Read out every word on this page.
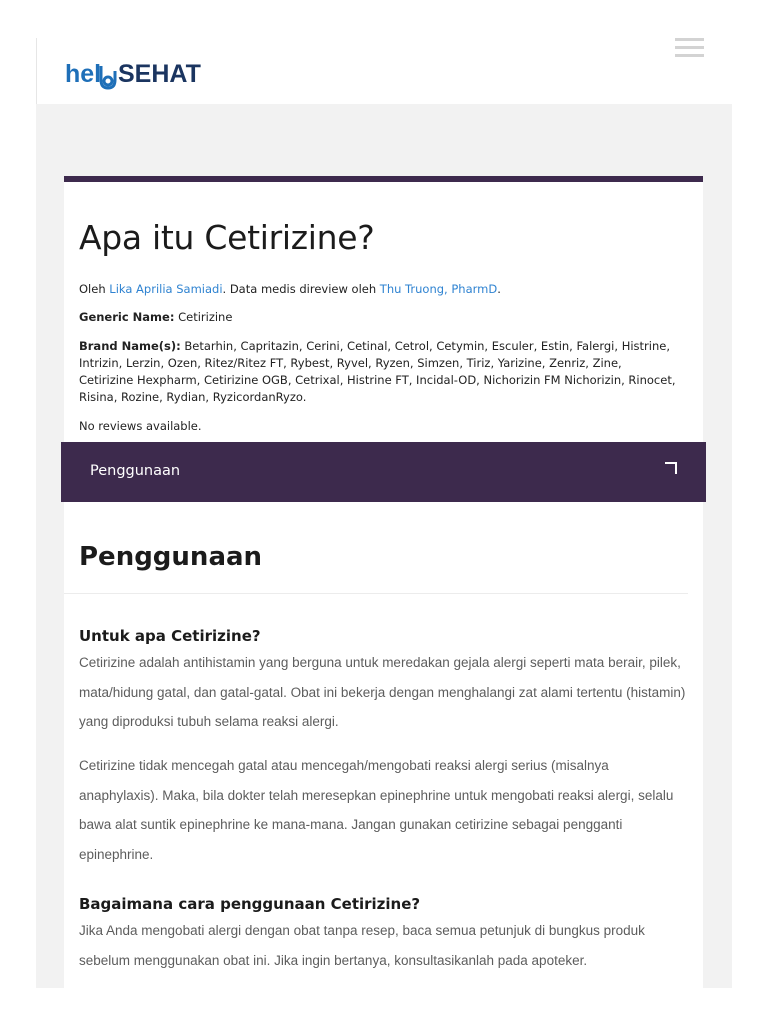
hel SEHAT
Apa itu Cetirizine?
Oleh Lika Aprilia Samiadi. Data medis direview oleh Thu Truong, PharmD.
Generic Name: Cetirizine
Brand Name(s): Betarhin, Capritazin, Cerini, Cetinal, Cetrol, Cetymin, Esculer, Estin, Falergi, Histrine, Intrizin, Lerzin, Ozen, Ritez/Ritez FT, Rybest, Ryvel, Ryzen, Simzen, Tiriz, Yarizine, Zenriz, Zine, Cetirizine Hexpharm, Cetirizine OGB, Cetrixal, Histrine FT, Incidal-OD, Nichorizin FM Nichorizin, Rinocet, Risina, Rozine, Rydian, RyzicordanRyzo.
No reviews available.
Penggunaan
Penggunaan
Untuk apa Cetirizine?

Cetirizine adalah antihistamin yang berguna untuk meredakan gejala alergi seperti mata berair, pilek, mata/hidung gatal, dan gatal-gatal. Obat ini bekerja dengan menghalangi zat alami tertentu (histamin) yang diproduksi tubuh selama reaksi alergi.

Cetirizine tidak mencegah gatal atau mencegah/mengobati reaksi alergi serius (misalnya anaphylaxis). Maka, bila dokter telah meresepkan epinephrine untuk mengobati reaksi alergi, selalu bawa alat suntik epinephrine ke mana-mana. Jangan gunakan cetirizine sebagai pengganti epinephrine.

Bagaimana cara penggunaan Cetirizine?

Jika Anda mengobati alergi dengan obat tanpa resep, baca semua petunjuk di bungkus produk sebelum menggunakan obat ini. Jika ingin bertanya, konsultasikanlah pada apoteker.
